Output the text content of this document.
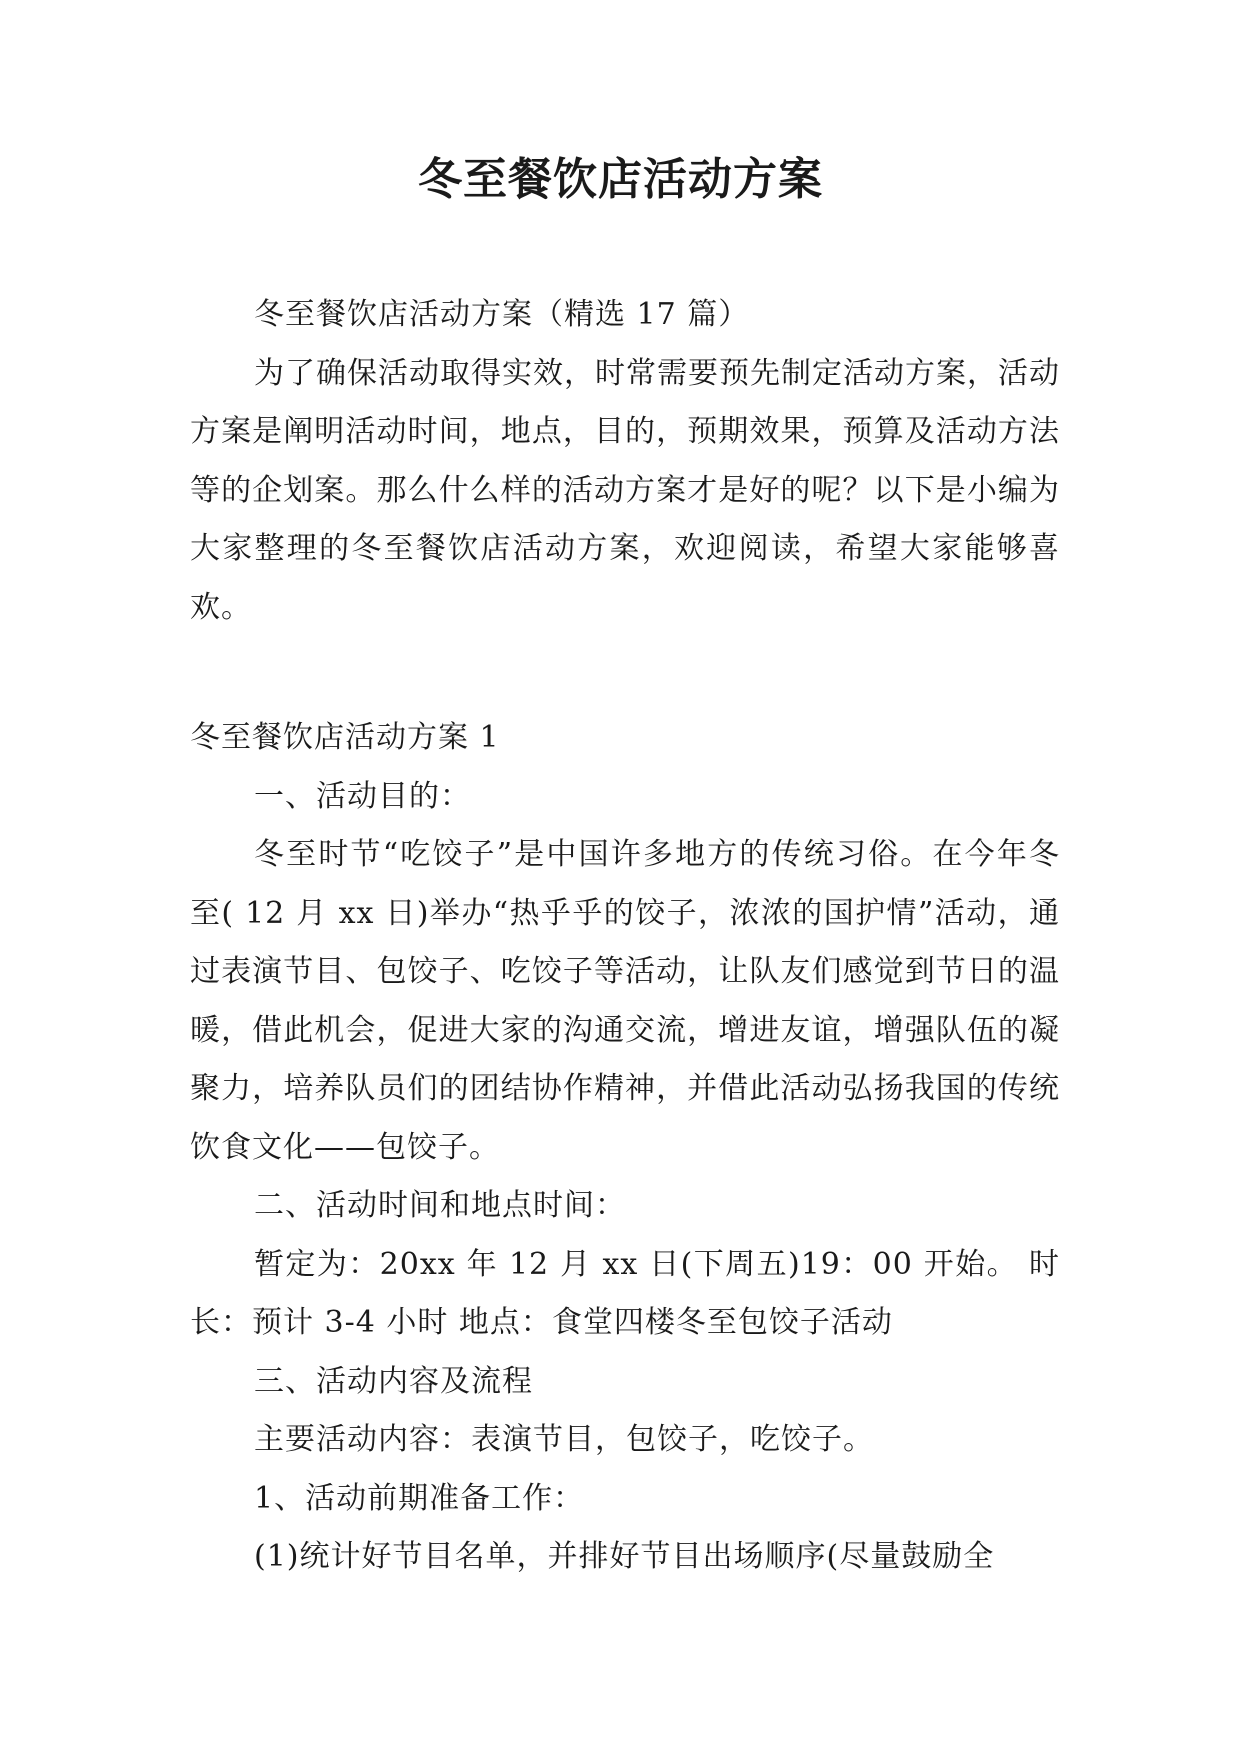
冬至餐饮店活动方案

冬至餐饮店活动方案（精选 17 篇）

为了确保活动取得实效，时常需要预先制定活动方案，活动方案是阐明活动时间，地点，目的，预期效果，预算及活动方法等的企划案。那么什么样的活动方案才是好的呢？以下是小编为大家整理的冬至餐饮店活动方案，欢迎阅读，希望大家能够喜欢。

冬至餐饮店活动方案 1

一、活动目的：

冬至时节“吃饺子”是中国许多地方的传统习俗。在今年冬至( 12 月 xx 日)举办“热乎乎的饺子，浓浓的国护情”活动，通过表演节目、包饺子、吃饺子等活动，让队友们感觉到节日的温暖，借此机会，促进大家的沟通交流，增进友谊，增强队伍的凝聚力，培养队员们的团结协作精神，并借此活动弘扬我国的传统饮食文化——包饺子。

二、活动时间和地点时间：

暂定为：20xx 年 12 月 xx 日(下周五)19：00 开始。 时长：预计 3-4 小时 地点：食堂四楼冬至包饺子活动

三、活动内容及流程

主要活动内容：表演节目，包饺子，吃饺子。

1、活动前期准备工作：

(1)统计好节目名单，并排好节目出场顺序(尽量鼓励全
